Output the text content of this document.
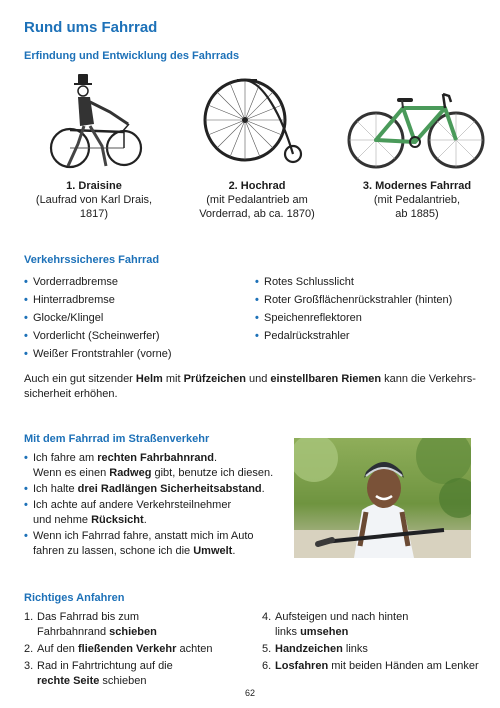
Rund ums Fahrrad
Erfindung und Entwicklung des Fahrrads
1. Draisine
(Laufrad von Karl Drais,
1817)
2. Hochrad
(mit Pedalantrieb am
Vorderrad, ab ca. 1870)
3. Modernes Fahrrad
(mit Pedalantrieb,
ab 1885)
Verkehrssicheres Fahrrad
• Vorderradbremse
• Hinterradbremse
• Glocke/Klingel
• Vorderlicht (Scheinwerfer)
• Weißer Frontstrahler (vorne)
• Rotes Schlusslicht
• Roter Großflächenrückstrahler (hinten)
• Speichenreflektoren
• Pedalrückstrahler

Auch ein gut sitzender Helm mit Prüfzeichen und einstellbaren Riemen kann die Verkehrssicherheit erhöhen.

Mit dem Fahrrad im Straßenverkehr
• Ich fahre am rechten Fahrbahnrand.
Wenn es einen Radweg gibt, benutze ich diesen.
• Ich halte drei Radlängen Sicherheitsabstand.
• Ich achte auf andere Verkehrsteilnehmer
und nehme Rücksicht.
• Wenn ich Fahrrad fahre, anstatt mich im Auto
fahren zu lassen, schone ich die Umwelt.
Richtiges Anfahren
1. Das Fahrrad bis zum
Fahrbahnrand schieben
2. Auf den fließenden Verkehr achten
3. Rad in Fahrtrichtung auf die
rechte Seite schieben
4. Aufsteigen und nach hinten
links umsehen
5. Handzeichen links
6. Losfahren mit beiden Händen am Lenker
62
